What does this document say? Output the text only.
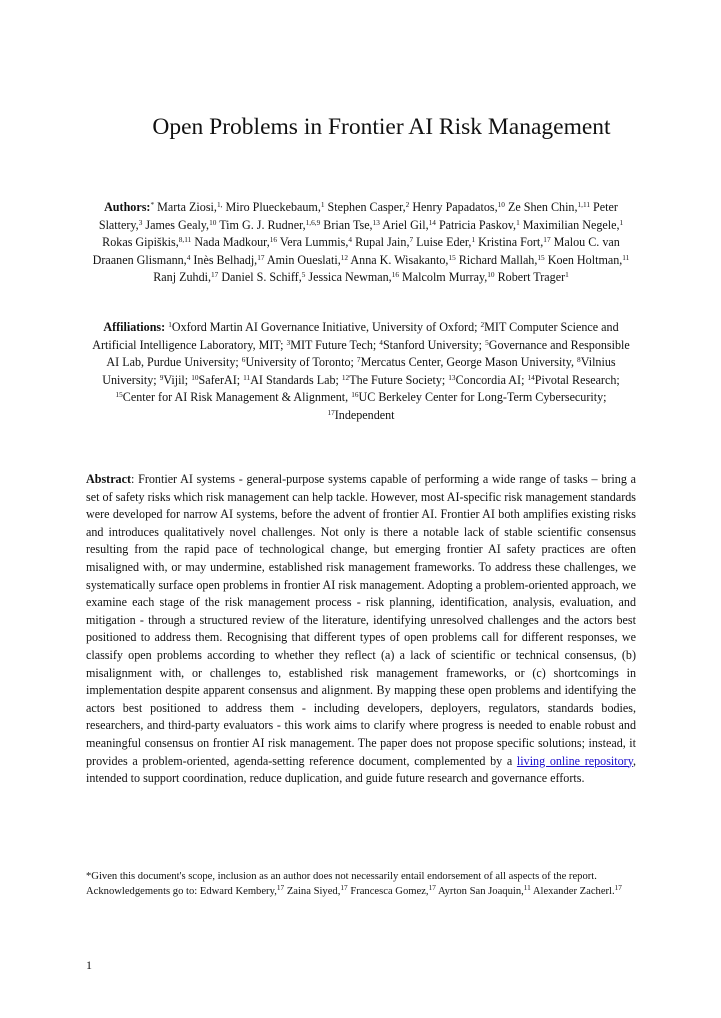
Open Problems in Frontier AI Risk Management
Authors:* Marta Ziosi,$^{1,}$ Miro Plueckebaum,$^1$ Stephen Casper,$^2$ Henry Papadatos,$^{10}$ Ze Shen Chin,$^{1,11}$ Peter Slattery,$^3$ James Gealy,$^{10}$ Tim G. J. Rudner,$^{1,6,9}$ Brian Tse,$^{13}$ Ariel Gil,$^{14}$ Patricia Paskov,$^1$ Maximilian Negele,$^1$ Rokas Gipiškis,$^{8,11}$ Nada Madkour,$^{16}$ Vera Lummis,$^4$ Rupal Jain,$^7$ Luise Eder,$^1$ Kristina Fort,$^{17}$ Malou C. van Draanen Glismann,$^4$ Inès Belhadj,$^{17}$ Amin Oueslati,$^{12}$ Anna K. Wisakanto,$^{15}$ Richard Mallah,$^{15}$ Koen Holtman,$^{11}$ Ranj Zuhdi,$^{17}$ Daniel S. Schiff,$^5$ Jessica Newman,$^{16}$ Malcolm Murray,$^{10}$ Robert Trager$^1$
Affiliations: $^1$Oxford Martin AI Governance Initiative, University of Oxford; $^2$MIT Computer Science and Artificial Intelligence Laboratory, MIT; $^3$MIT Future Tech; $^4$Stanford University; $^5$Governance and Responsible AI Lab, Purdue University; $^6$University of Toronto; $^7$Mercatus Center, George Mason University, $^8$Vilnius University; $^9$Vijil; $^{10}$SaferAI; $^{11}$AI Standards Lab; $^{12}$The Future Society; $^{13}$Concordia AI; $^{14}$Pivotal Research; $^{15}$Center for AI Risk Management & Alignment, $^{16}$UC Berkeley Center for Long-Term Cybersecurity; $^{17}$Independent
Abstract: Frontier AI systems - general-purpose systems capable of performing a wide range of tasks – bring a set of safety risks which risk management can help tackle. However, most AI-specific risk management standards were developed for narrow AI systems, before the advent of frontier AI. Frontier AI both amplifies existing risks and introduces qualitatively novel challenges. Not only is there a notable lack of stable scientific consensus resulting from the rapid pace of technological change, but emerging frontier AI safety practices are often misaligned with, or may undermine, established risk management frameworks. To address these challenges, we systematically surface open problems in frontier AI risk management. Adopting a problem-oriented approach, we examine each stage of the risk management process - risk planning, identification, analysis, evaluation, and mitigation - through a structured review of the literature, identifying unresolved challenges and the actors best positioned to address them. Recognising that different types of open problems call for different responses, we classify open problems according to whether they reflect (a) a lack of scientific or technical consensus, (b) misalignment with, or challenges to, established risk management frameworks, or (c) shortcomings in implementation despite apparent consensus and alignment. By mapping these open problems and identifying the actors best positioned to address them - including developers, deployers, regulators, standards bodies, researchers, and third-party evaluators - this work aims to clarify where progress is needed to enable robust and meaningful consensus on frontier AI risk management. The paper does not propose specific solutions; instead, it provides a problem-oriented, agenda-setting reference document, complemented by a living online repository, intended to support coordination, reduce duplication, and guide future research and governance efforts.
*Given this document's scope, inclusion as an author does not necessarily entail endorsement of all aspects of the report. Acknowledgements go to: Edward Kembery,$^{17}$ Zaina Siyed,$^{17}$ Francesca Gomez,$^{17}$ Ayrton San Joaquin,$^{11}$ Alexander Zacherl.$^{17}$
1
